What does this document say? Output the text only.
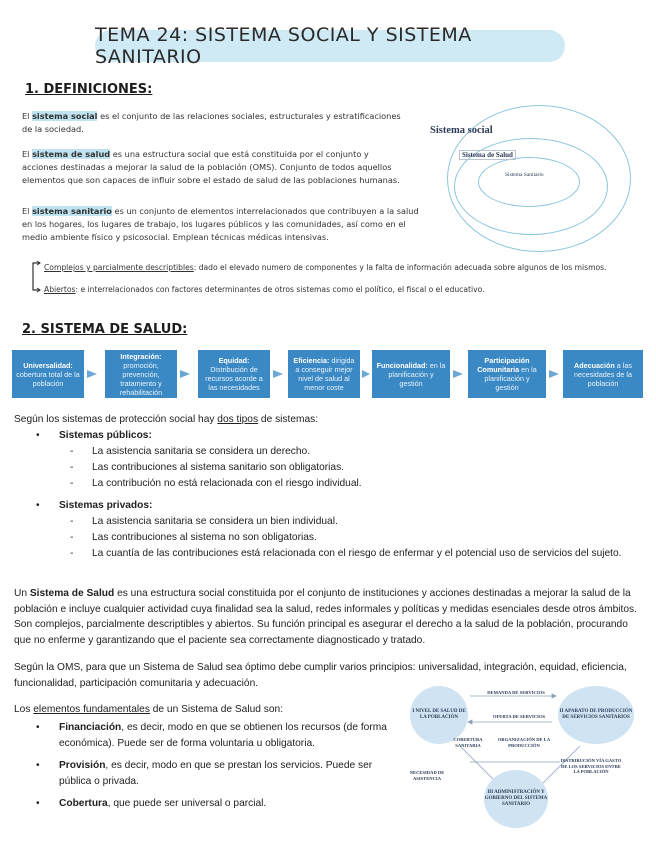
TEMA 24: SISTEMA SOCIAL Y SISTEMA SANITARIO
1. DEFINICIONES:
El sistema social es el conjunto de las relaciones sociales, estructurales y estratificaciones de la sociedad.
El sistema de salud es una estructura social que está constituida por el conjunto y acciones destinadas a mejorar la salud de la población (OMS). Conjunto de todos aquellos elementos que son capaces de influir sobre el estado de salud de las poblaciones humanas.
El sistema sanitario es un conjunto de elementos interrelacionados que contribuyen a la salud en los hogares, los lugares de trabajo, los lugares públicos y las comunidades, así como en el medio ambiente físico y psicosocial. Emplean técnicas médicas intensivas.
Complejos y parcialmente descriptibles: dado el elevado numero de componentes y la falta de información adecuada sobre algunos de los mismos.
Abiertos: e interrelacionados con factores determinantes de otros sistemas como el político, el fiscal o el educativo.
Sistema social
Sistema de Salud
Sistema Sanitario
2. SISTEMA DE SALUD:
Universalidad: cobertura total de la población
Integración: promoción, prevención, tratamiento y rehabilitación
Equidad: Distribución de recursos acorde a las necesidades
Eficiencia: dirigida a conseguir mejor nivel de salud al menor coste
Funcionalidad: en la planificación y gestión
Participación Comunitaria en la planificación y gestión
Adecuación a las necesidades de la población
Según los sistemas de protección social hay dos tipos de sistemas:
• Sistemas públicos:
- La asistencia sanitaria se considera un derecho.
- Las contribuciones al sistema sanitario son obligatorias.
- La contribución no está relacionada con el riesgo individual.
• Sistemas privados:
- La asistencia sanitaria se considera un bien individual.
- Las contribuciones al sistema no son obligatorias.
- La cuantía de las contribuciones está relacionada con el riesgo de enfermar y el potencial uso de servicios del sujeto.
Un Sistema de Salud es una estructura social constituida por el conjunto de instituciones y acciones destinadas a mejorar la salud de la población e incluye cualquier actividad cuya finalidad sea la salud, redes informales y políticas y medidas esenciales desde otros ámbitos. Son complejos, parcialmente descriptibles y abiertos. Su función principal es asegurar el derecho a la salud de la población, procurando que no enferme y garantizando que el paciente sea correctamente diagnosticado y tratado.
Según la OMS, para que un Sistema de Salud sea óptimo debe cumplir varios principios: universalidad, integración, equidad, eficiencia, funcionalidad, participación comunitaria y adecuación.
Los elementos fundamentales de un Sistema de Salud son:
• Financiación, es decir, modo en que se obtienen los recursos (de forma económica). Puede ser de forma voluntaria u obligatoria.
• Provisión, es decir, modo en que se prestan los servicios. Puede ser pública o privada.
• Cobertura, que puede ser universal o parcial.
I NIVEL DE SALUD DE LA POBLACIÓN
II APARATO DE PRODUCCIÓN DE SERVICIOS SANITARIOS
III ADMINISTRACIÓN Y GOBIERNO DEL SISTEMA SANITARIO
DEMANDA DE SERVICIOS
OFERTA DE SERVICIOS
COBERTURA SANITARIA
ORGANIZACIÓN DE LA PRODUCCIÓN
NECESIDAD DE ASISTENCIA
DISTRIBUCIÓN VÍA GASTO DE LOS SERVICIOS ENTRE LA POBLACIÓN
